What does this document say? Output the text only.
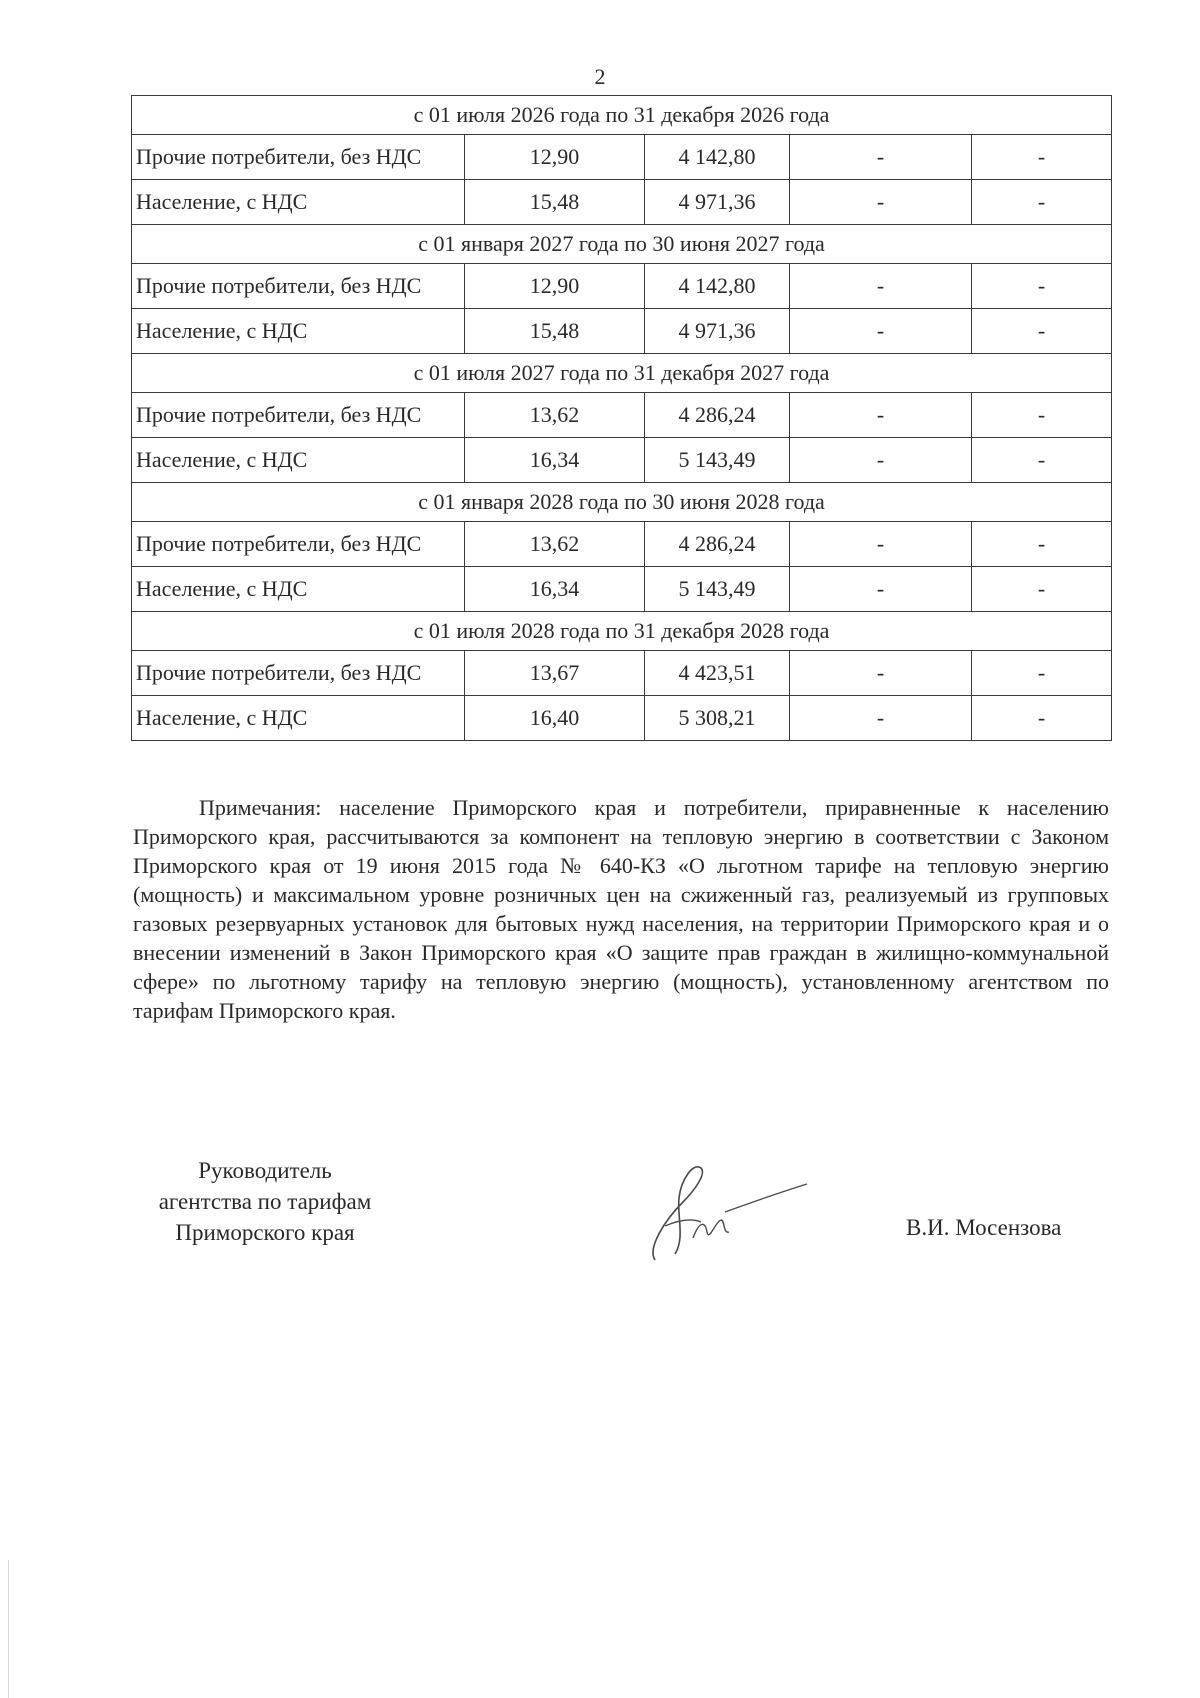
2
с 01 июля 2026 года по 31 декабря 2026 года				
Прочие потребители, без НДС	12,90	4 142,80	-	-
Население, с НДС	15,48	4 971,36	-	-
с 01 января 2027 года по 30 июня 2027 года				
Прочие потребители, без НДС	12,90	4 142,80	-	-
Население, с НДС	15,48	4 971,36	-	-
с 01 июля 2027 года по 31 декабря 2027 года				
Прочие потребители, без НДС	13,62	4 286,24	-	-
Население, с НДС	16,34	5 143,49	-	-
с 01 января 2028 года по 30 июня 2028 года				
Прочие потребители, без НДС	13,62	4 286,24	-	-
Население, с НДС	16,34	5 143,49	-	-
с 01 июля 2028 года по 31 декабря 2028 года				
Прочие потребители, без НДС	13,67	4 423,51	-	-
Население, с НДС	16,40	5 308,21	-	-

Примечания: население Приморского края и потребители, приравненные к населению Приморского края, рассчитываются за компонент на тепловую энергию в соответствии с Законом Приморского края от 19 июня 2015 года № 640-КЗ «О льготном тарифе на тепловую энергию (мощность) и максимальном уровне розничных цен на сжиженный газ, реализуемый из групповых газовых резервуарных установок для бытовых нужд населения, на территории Приморского края и о внесении изменений в Закон Приморского края «О защите прав граждан в жилищно-коммунальной сфере» по льготному тарифу на тепловую энергию (мощность), установленному агентством по тарифам Приморского края.

Руководитель
агентства по тарифам
Приморского края	В.И. Мосензова
